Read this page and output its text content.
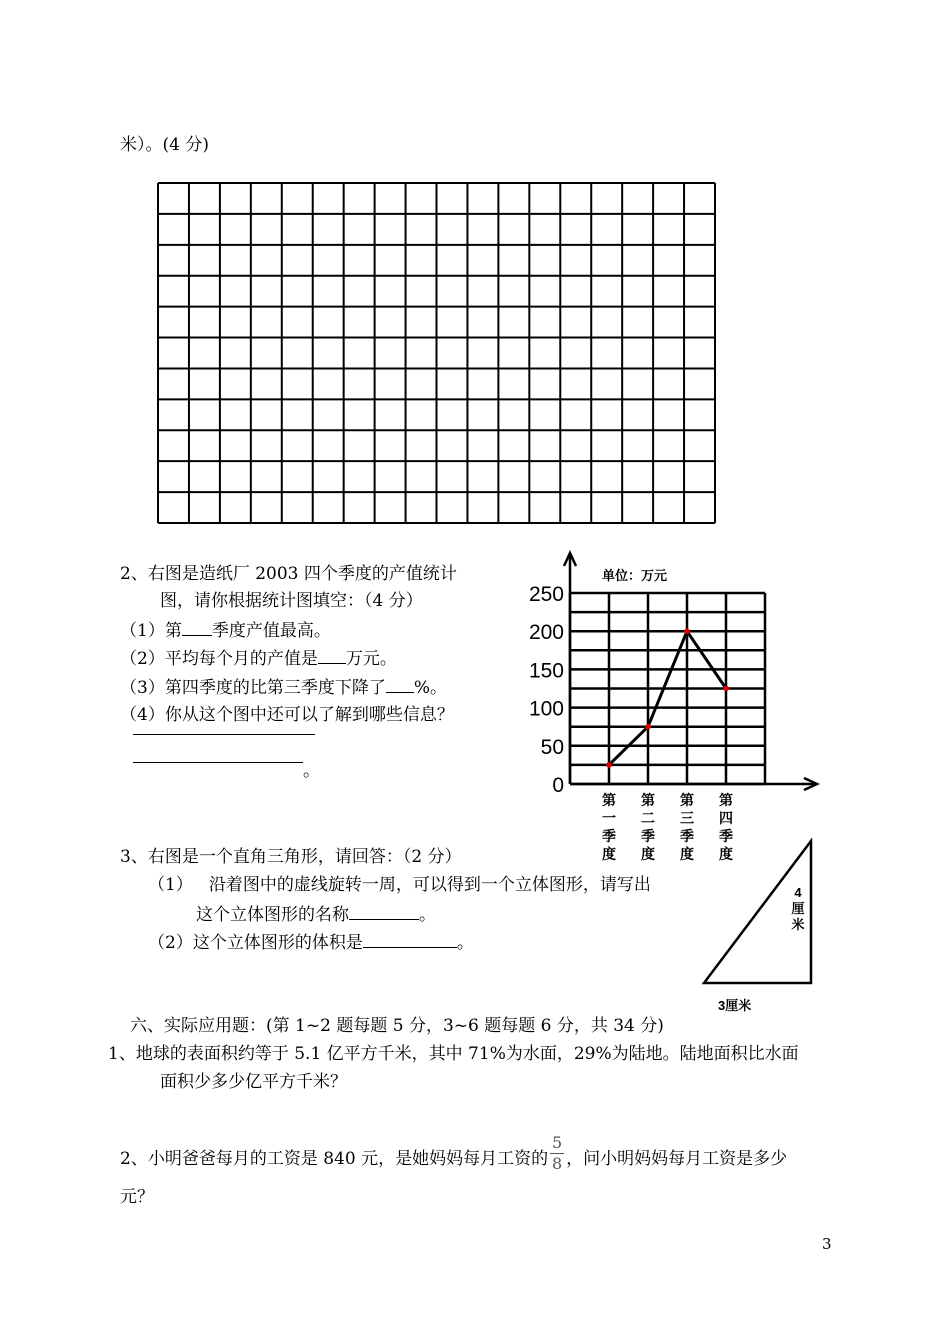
米）。(4 分)
2、右图是造纸厂 2003 四个季度的产值统计
图，请你根据统计图填空：（4 分）
（1）第 季度产值最高。
（2）平均每个月的产值是 万元。
（3）第四季度的比第三季度下降了 %。
（4）你从这个图中还可以了解到哪些信息？
。
单位：万元
250
200
150
100
50
0
第
一
季
度
第
二
季
度
第
三
季
度
第
四
季
度
3、右图是一个直角三角形，请回答：（2 分）
（1） 沿着图中的虚线旋转一周，可以得到一个立体图形，请写出
这个立体图形的名称	。
（2）这个立体图形的体积是	。
4
厘
米
3厘米
六、实际应用题：(第 1~2 题每题 5 分，3~6 题每题 6 分，共 34 分)
1、地球的表面积约等于 5.1 亿平方千米，其中 71%为水面，29%为陆地。陆地面积比水面
面积少多少亿平方千米？
2、小明爸爸每月的工资是 840 元，是她妈妈每月工资的 $\frac{5}{8}$ ，问小明妈妈每月工资是多少
元？
3
